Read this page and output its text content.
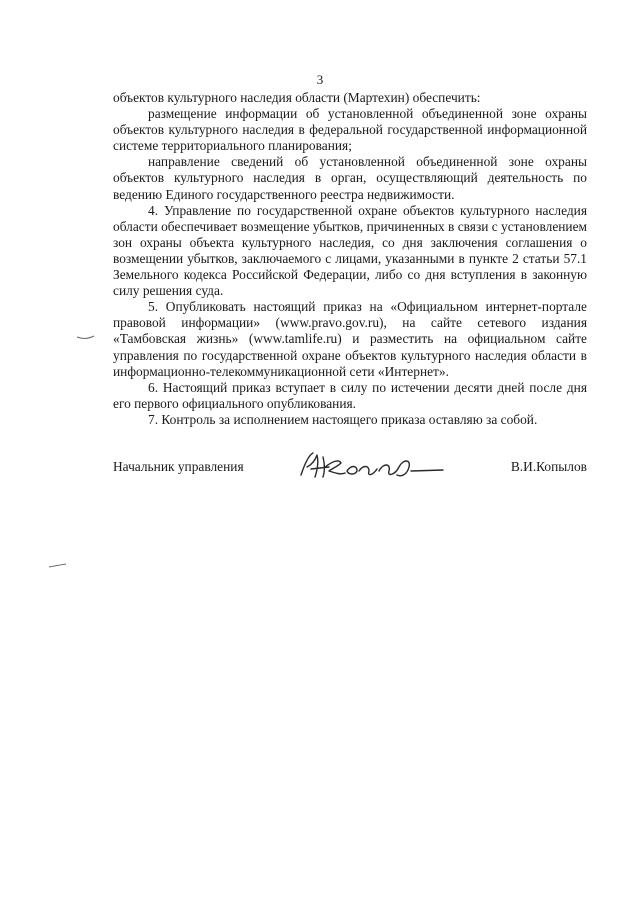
3

объектов культурного наследия области (Мартехин) обеспечить:

размещение информации об установленной объединенной зоне охраны объектов культурного наследия в федеральной государственной информационной системе территориального планирования;

направление сведений об установленной объединенной зоне охраны объектов культурного наследия в орган, осуществляющий деятельность по ведению Единого государственного реестра недвижимости.

4. Управление по государственной охране объектов культурного наследия области обеспечивает возмещение убытков, причиненных в связи с установлением зон охраны объекта культурного наследия, со дня заключения соглашения о возмещении убытков, заключаемого с лицами, указанными в пункте 2 статьи 57.1 Земельного кодекса Российской Федерации, либо со дня вступления в законную силу решения суда.

5. Опубликовать настоящий приказ на «Официальном интернет-портале правовой информации» (www.pravo.gov.ru), на сайте сетевого издания «Тамбовская жизнь» (www.tamlife.ru) и разместить на официальном сайте управления по государственной охране объектов культурного наследия области в информационно-телекоммуникационной сети «Интернет».

6. Настоящий приказ вступает в силу по истечении десяти дней после дня его первого официального опубликования.

7. Контроль за исполнением настоящего приказа оставляю за собой.

Начальник управления	В.И.Копылов
